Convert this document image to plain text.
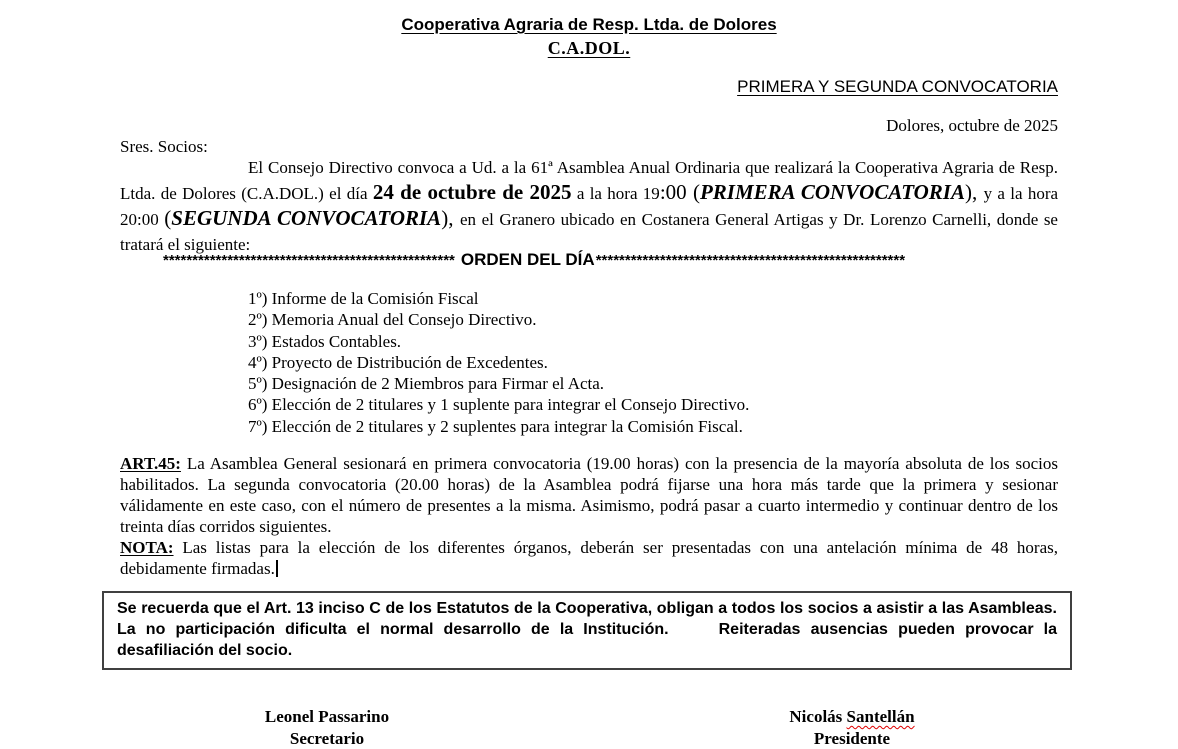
Cooperativa Agraria de Resp. Ltda. de Dolores
C.A.DOL.
PRIMERA Y SEGUNDA CONVOCATORIA
Dolores, octubre de 2025
Sres. Socios:
El Consejo Directivo convoca a Ud. a la 61ª Asamblea Anual Ordinaria que realizará la Cooperativa Agraria de Resp. Ltda. de Dolores (C.A.DOL.) el día 24 de octubre de 2025 a la hora 19:00 (PRIMERA CONVOCATORIA), y a la hora 20:00 (SEGUNDA CONVOCATORIA), en el Granero ubicado en Costanera General Artigas y Dr. Lorenzo Carnelli, donde se tratará el siguiente:
************************************************** ORDEN DEL DÍA*****************************************************
1º) Informe de la Comisión Fiscal
2º) Memoria Anual del Consejo Directivo.
3º) Estados Contables.
4º) Proyecto de Distribución de Excedentes.
5º) Designación de 2 Miembros para Firmar el Acta.
6º) Elección de 2 titulares y 1 suplente para integrar el Consejo Directivo.
7º) Elección de 2 titulares y 2 suplentes para integrar la Comisión Fiscal.

ART.45: La Asamblea General sesionará en primera convocatoria (19.00 horas) con la presencia de la mayoría absoluta de los socios habilitados. La segunda convocatoria (20.00 horas) de la Asamblea podrá fijarse una hora más tarde que la primera y sesionar válidamente en este caso, con el número de presentes a la misma. Asimismo, podrá pasar a cuarto intermedio y continuar dentro de los treinta días corridos siguientes.

NOTA: Las listas para la elección de los diferentes órganos, deberán ser presentadas con una antelación mínima de 48 horas, debidamente firmadas.

Se recuerda que el Art. 13 inciso C de los Estatutos de la Cooperativa, obligan a todos los socios a asistir a las Asambleas. La no participación dificulta el normal desarrollo de la Institución.	Reiteradas ausencias pueden provocar la desafiliación del socio.
Leonel Passarino
Secretario
Nicolás Santellán
Presidente
